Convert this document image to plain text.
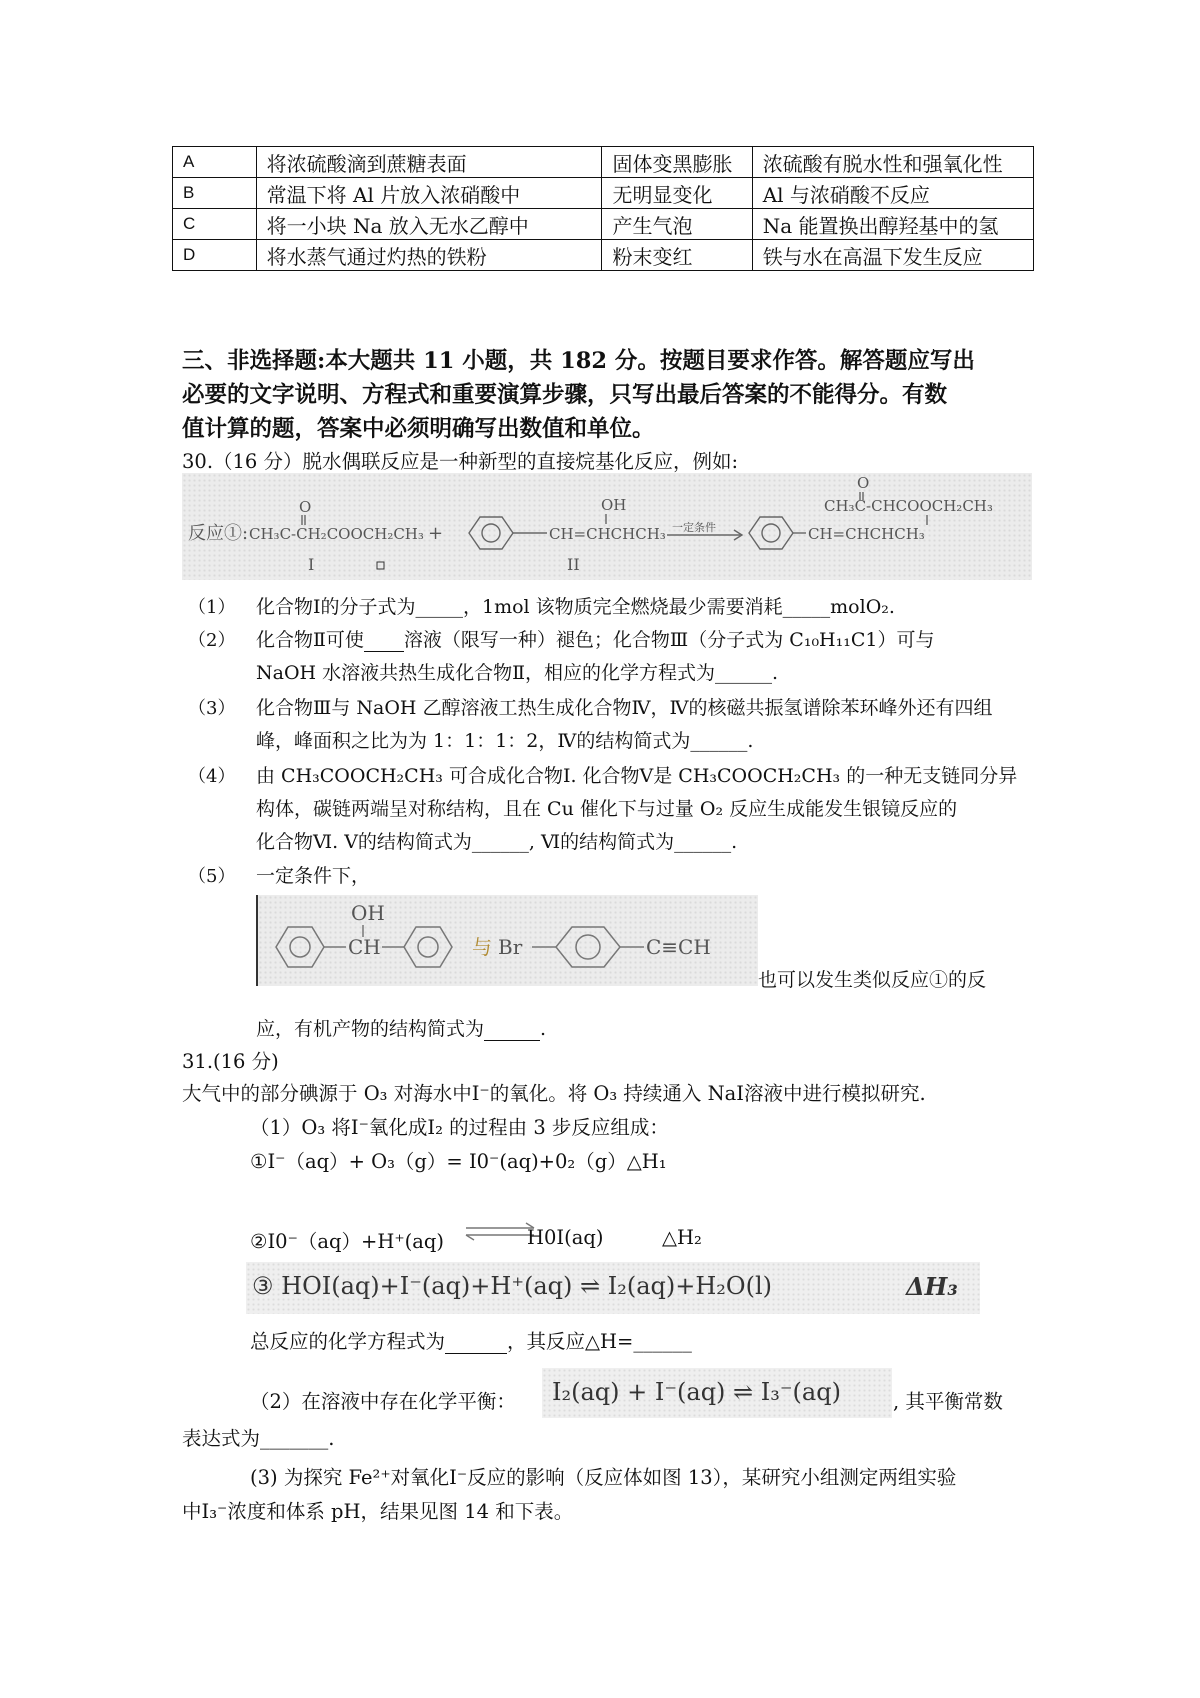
A	将浓硫酸滴到蔗糖表面	固体变黑膨胀	浓硫酸有脱水性和强氧化性
B	常温下将 Al 片放入浓硝酸中	无明显变化	Al 与浓硝酸不反应
C	将一小块 Na 放入无水乙醇中	产生气泡	Na 能置换出醇羟基中的氢
D	将水蒸气通过灼热的铁粉	粉末变红	铁与水在高温下发生反应
三、非选择题:本大题共 11 小题，共 182 分。按题目要求作答。解答题应写出
必要的文字说明、方程式和重要演算步骤，只写出最后答案的不能得分。有数
值计算的题，答案中必须明确写出数值和单位。
30.（16 分）脱水偶联反应是一种新型的直接烷基化反应，例如:
反应①:
O
CH₃C-CH₂COOCH₂CH₃ +
OH
CH=CHCHCH₃ 一定条件
O
CH₃C-CHCOOCH₂CH₃
CH=CHCHCH₃
I	II
（1） 化合物Ⅰ的分子式为_____，1mol 该物质完全燃烧最少需要消耗_____molO₂.
（2） 化合物Ⅱ可使 溶液（限写一种）褪色；化合物Ⅲ（分子式为 C₁₀H₁₁C1）可与
NaOH 水溶液共热生成化合物Ⅱ，相应的化学方程式为______.
（3） 化合物Ⅲ与 NaOH 乙醇溶液工热生成化合物Ⅳ，Ⅳ的核磁共振氢谱除苯环峰外还有四组
峰，峰面积之比为为 1：1：1：2，Ⅳ的结构简式为______.
（4） 由 CH₃COOCH₂CH₃ 可合成化合物Ⅰ. 化合物Ⅴ是 CH₃COOCH₂CH₃ 的一种无支链同分异
构体，碳链两端呈对称结构，且在 Cu 催化下与过量 O₂ 反应生成能发生银镜反应的
化合物Ⅵ. Ⅴ的结构简式为______, Ⅵ的结构简式为______.
（5） 一定条件下，
OH
CH	与 Br	C≡CH
也可以发生类似反应①的反
应，有机产物的结构简式为	.
31.(16 分)
大气中的部分碘源于 O₃ 对海水中Ⅰ⁻的氧化。将 O₃ 持续通入 NaⅠ溶液中进行模拟研究.
（1）O₃ 将Ⅰ⁻氧化成Ⅰ₂ 的过程由 3 步反应组成：
①Ⅰ⁻（aq）+ O₃（g）= Ⅰ0⁻(aq)+0₂（g）△H₁
②Ⅰ0⁻（aq）+H⁺(aq)	H0Ⅰ(aq)	△H₂
③ HOI(aq)+I⁻(aq)+H⁺(aq) ⇌ I₂(aq)+H₂O(l)	ΔH₃
总反应的化学方程式为	，其反应△H=______
（2）在溶液中存在化学平衡： I₂(aq) + I⁻(aq) ⇌ I₃⁻(aq)	, 其平衡常数
表达式为_______.
(3) 为探究 Fe²⁺对氧化Ⅰ⁻反应的影响（反应体如图 13），某研究小组测定两组实验
中Ⅰ₃⁻浓度和体系 pH，结果见图 14 和下表。
